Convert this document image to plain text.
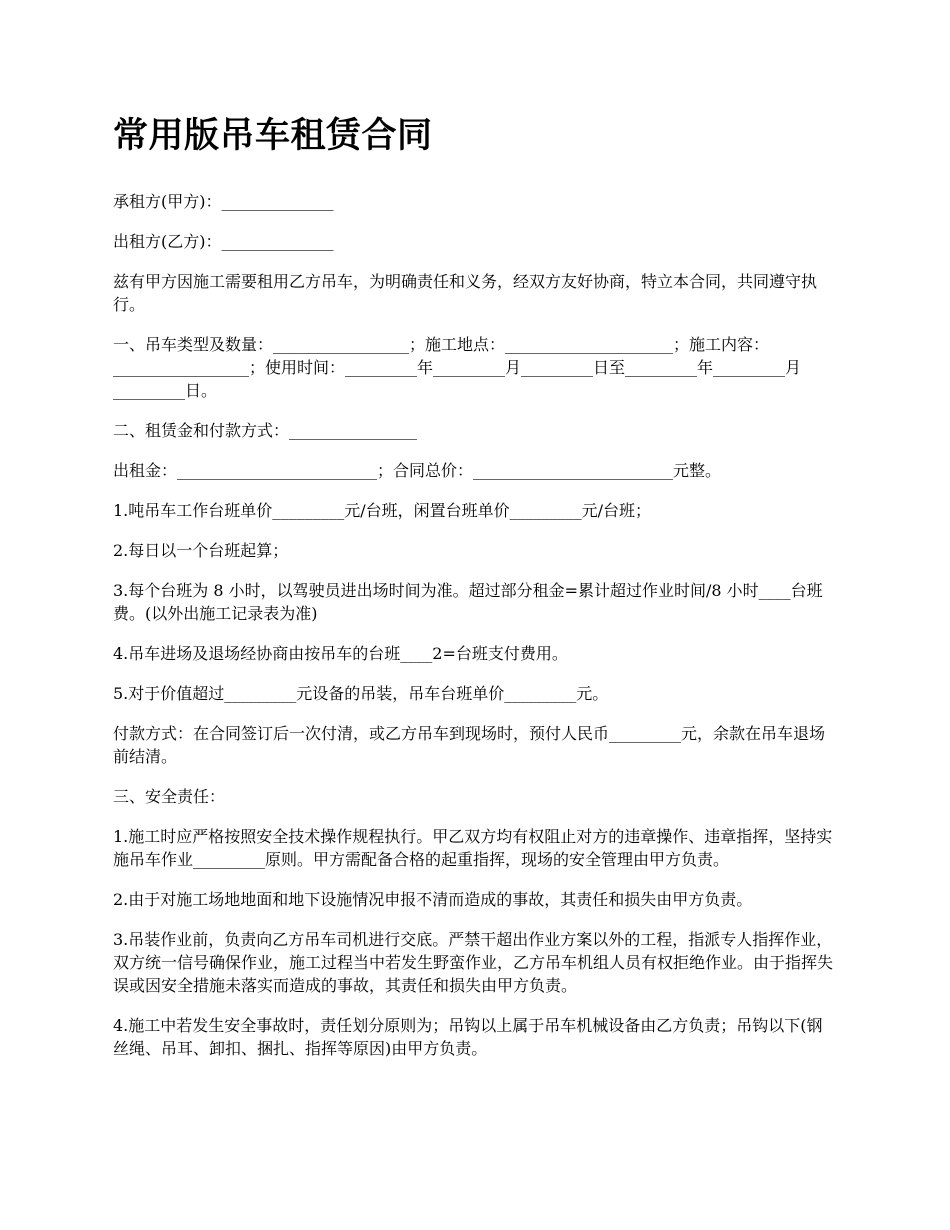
常用版吊车租赁合同

承租方(甲方)：______________

出租方(乙方)：______________

兹有甲方因施工需要租用乙方吊车，为明确责任和义务，经双方友好协商，特立本合同，共同遵守执行。

一、吊车类型及数量：_________________；施工地点：_____________________；施工内容：_________________；使用时间：_________年_________月_________日至_________年_________月_________日。

二、租赁金和付款方式：________________

出租金：_________________________；合同总价：_________________________元整。

1.吨吊车工作台班单价_________元/台班，闲置台班单价_________元/台班；

2.每日以一个台班起算；

3.每个台班为 8 小时，以驾驶员进出场时间为准。超过部分租金=累计超过作业时间/8 小时____台班费。(以外出施工记录表为准)

4.吊车进场及退场经协商由按吊车的台班____2=台班支付费用。

5.对于价值超过_________元设备的吊装，吊车台班单价_________元。

付款方式：在合同签订后一次付清，或乙方吊车到现场时，预付人民币_________元，余款在吊车退场前结清。

三、安全责任：

1.施工时应严格按照安全技术操作规程执行。甲乙双方均有权阻止对方的违章操作、违章指挥，坚持实施吊车作业_________原则。甲方需配备合格的起重指挥，现场的安全管理由甲方负责。

2.由于对施工场地地面和地下设施情况申报不清而造成的事故，其责任和损失由甲方负责。

3.吊装作业前，负责向乙方吊车司机进行交底。严禁干超出作业方案以外的工程，指派专人指挥作业，双方统一信号确保作业，施工过程当中若发生野蛮作业，乙方吊车机组人员有权拒绝作业。由于指挥失误或因安全措施未落实而造成的事故，其责任和损失由甲方负责。

4.施工中若发生安全事故时，责任划分原则为；吊钩以上属于吊车机械设备由乙方负责；吊钩以下(钢丝绳、吊耳、卸扣、捆扎、指挥等原因)由甲方负责。
